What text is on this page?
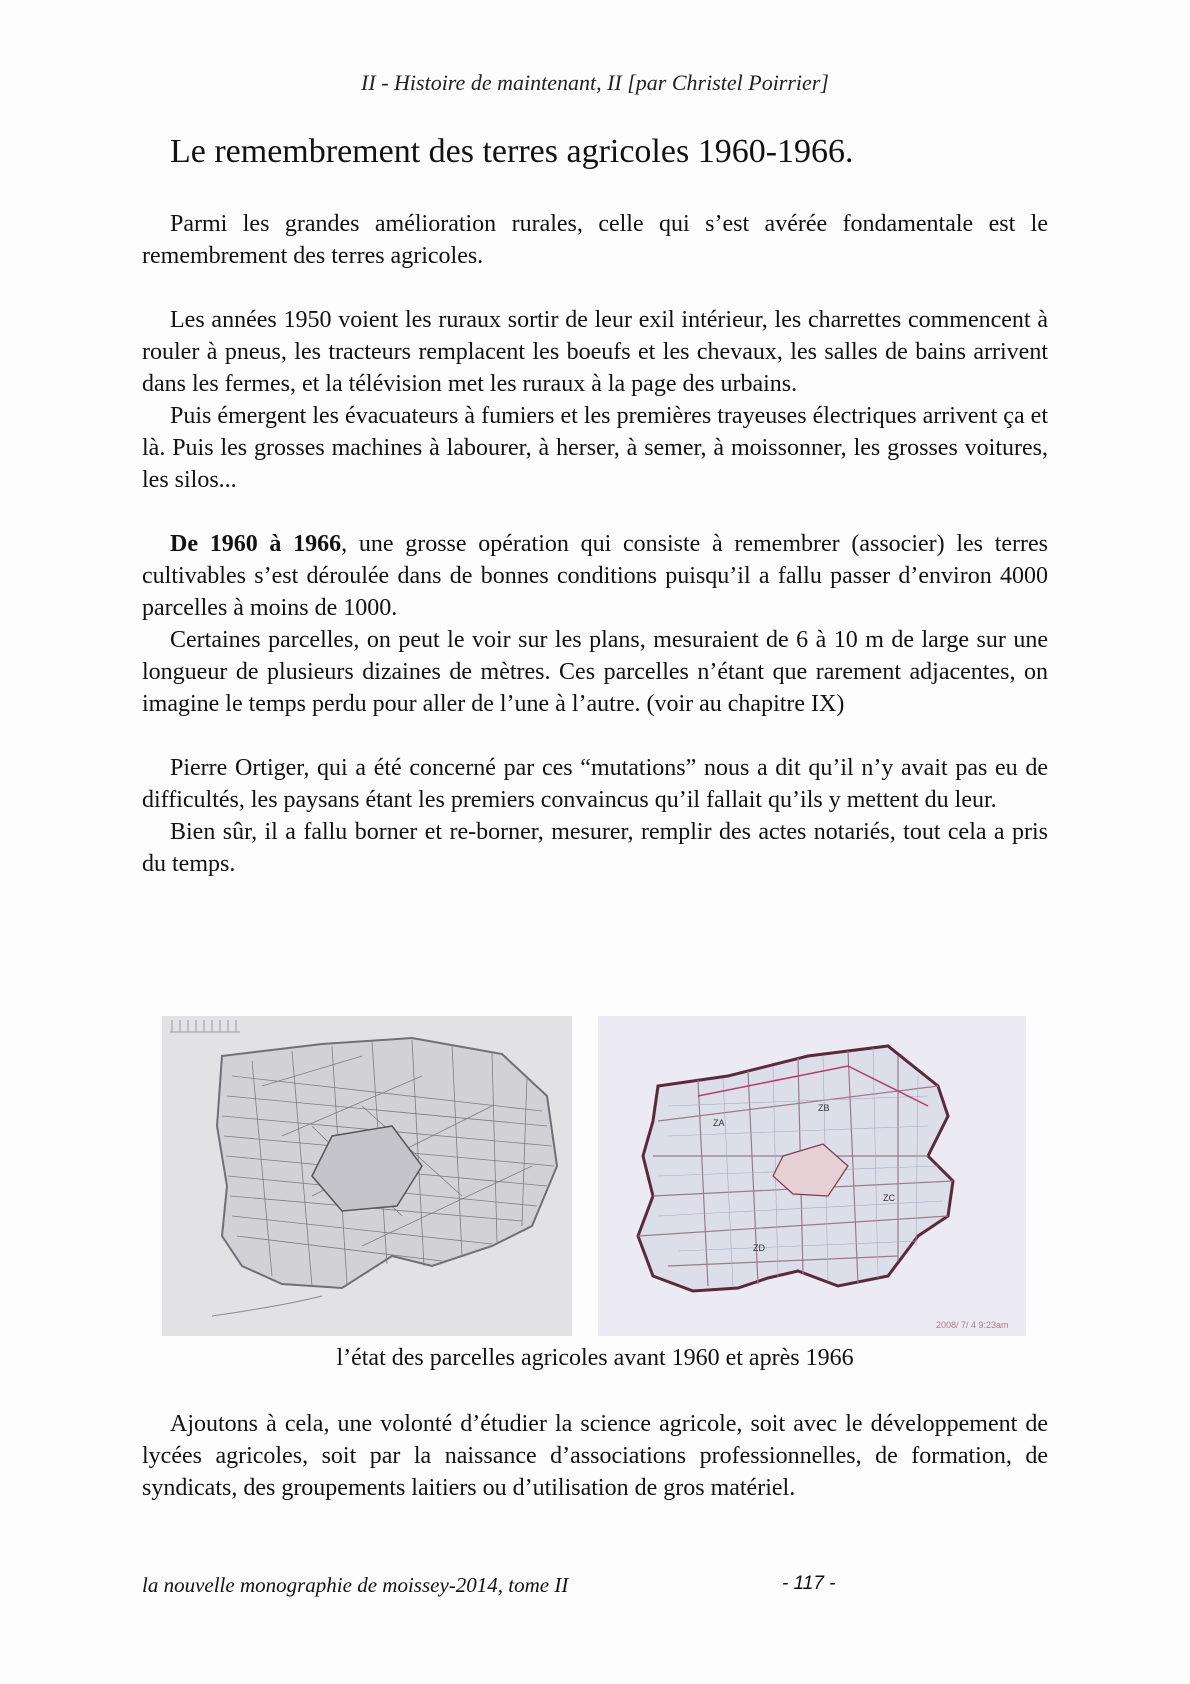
II - Histoire de maintenant, II [par Christel Poirrier]
Le remembrement des terres agricoles 1960-1966.

Parmi les grandes amélioration rurales, celle qui s’est avérée fondamentale est le remembrement des terres agricoles.

Les années 1950 voient les ruraux sortir de leur exil intérieur, les charrettes commencent à rouler à pneus, les tracteurs remplacent les boeufs et les chevaux, les salles de bains arrivent dans les fermes, et la télévision met les ruraux à la page des urbains.

Puis émergent les évacuateurs à fumiers et les premières trayeuses électriques arrivent ça et là. Puis les grosses machines à labourer, à herser, à semer, à moissonner, les grosses voitures, les silos...

De 1960 à 1966, une grosse opération qui consiste à remembrer (associer) les terres cultivables s’est déroulée dans de bonnes conditions puisqu’il a fallu passer d’environ 4000 parcelles à moins de 1000.

Certaines parcelles, on peut le voir sur les plans, mesuraient de 6 à 10 m de large sur une longueur de plusieurs dizaines de mètres. Ces parcelles n’étant que rarement adjacentes, on imagine le temps perdu pour aller de l’une à l’autre. (voir au chapitre IX)

Pierre Ortiger, qui a été concerné par ces “mutations” nous a dit qu’il n’y avait pas eu de difficultés, les paysans étant les premiers convaincus qu’il fallait qu’ils y mettent du leur.

Bien sûr, il a fallu borner et re-borner, mesurer, remplir des actes notariés, tout cela a pris du temps.

ZB
ZA
ZC
ZD
2008/ 7/ 4 9:23am
l’état des parcelles agricoles avant 1960 et après 1966

Ajoutons à cela, une volonté d’étudier la science agricole, soit avec le développement de lycées agricoles, soit par la naissance d’associations professionnelles, de formation, de syndicats, des groupements laitiers ou d’utilisation de gros matériel.

la nouvelle monographie de moissey-2014, tome II	- 117 -
